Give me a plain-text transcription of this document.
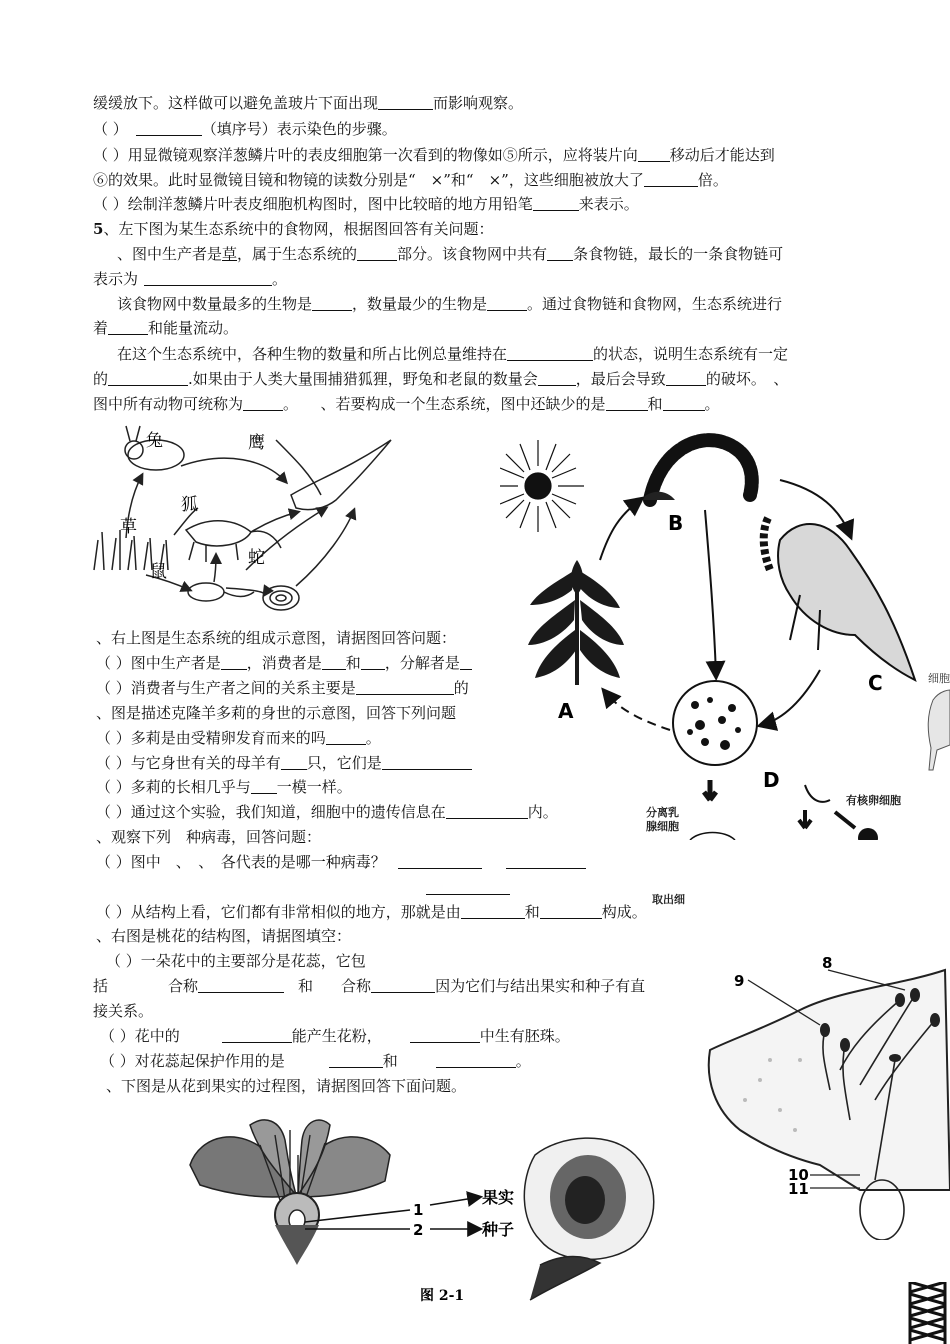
缓缓放下。这样做可以避免盖玻片下面出现	而影响观察。
（ ）	（填序号）表示染色的步骤。
（ ）用显微镜观察洋葱鳞片叶的表皮细胞第一次看到的物像如⑤所示，应将装片向 移动后才能达到
⑥的效果。此时显微镜目镜和物镜的读数分别是“　×”和“　×”，这些细胞被放大了	倍。
（ ）绘制洋葱鳞片叶表皮细胞机构图时，图中比较暗的地方用铅笔	来表示。
5、左下图为某生态系统中的食物网，根据图回答有关问题：
、图中生产者是草，属于生态系统的	部分。该食物网中共有 条食物链，最长的一条食物链可
表示为	。
该食物网中数量最多的生物是	，数量最少的生物是	。通过食物链和食物网，生态系统进行
着	和能量流动。
在这个生态系统中，各种生物的数量和所占比例总量维持在	的状态，说明生态系统有一定
的	.如果由于人类大量围捕猎狐狸，野兔和老鼠的数量会	，最后会导致	的破坏。　、
图中所有动物可统称为	。　　、若要构成一个生态系统，图中还缺少的是	和	。
兔	鹰
狐
草
蛇
鼠
B
C
A
D
细胞
分离乳
腺细胞
有核卵细胞
、右上图是生态系统的组成示意图，请据图回答问题：
（ ）图中生产者是 ，消费者是 和 ，分解者是
（ ）消费者与生产者之间的关系主要是	的
、图是描述克隆羊多莉的身世的示意图，回答下列问题
（ ）多莉是由受精卵发育而来的吗	。
（ ）与它身世有关的母羊有 只，它们是
（ ）多莉的长相几乎与 一模一样。
（ ）通过这个实验，我们知道，细胞中的遗传信息在	内。
、观察下列　种病毒，回答问题：
（ ）图中　、　、　各代表的是哪一种病毒？
取出细
（ ）从结构上看，它们都有非常相似的地方，那就是由	和	构成。
、右图是桃花的结构图，请据图填空：
（ ）一朵花中的主要部分是花蕊，它包
括	合称	和 合称	因为它们与结出果实和种子有直
接关系。
（ ）花中的	能产生花粉，	中生有胚珠。
（ ）对花蕊起保护作用的是	和	。
、下图是从花到果实的过程图，请据图回答下面问题。
8
9
10
11
1
2
果实
种子
图 2-1
